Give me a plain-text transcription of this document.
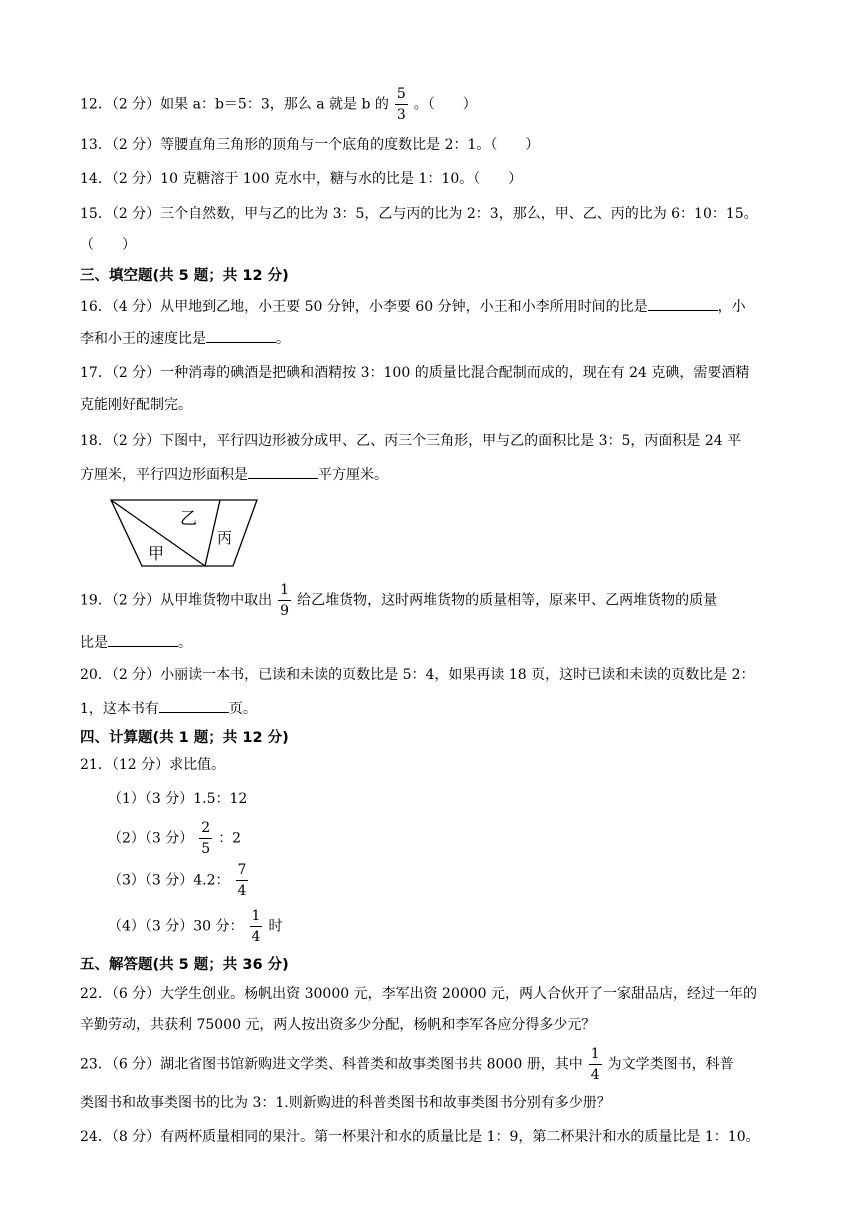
12．（2 分）如果 a：b＝5：3，那么 a 就是 b 的 $\frac{5}{3}$ 。（　　）
13．（2 分）等腰直角三角形的顶角与一个底角的度数比是 2：1。（　　）
14．（2 分）10 克糖溶于 100 克水中，糖与水的比是 1：10。（　　）
15．（2 分）三个自然数，甲与乙的比为 3：5，乙与丙的比为 2：3，那么，甲、乙、丙的比为 6：10：15。
（　　）
三、填空题(共 5 题；共 12 分)
16．（4 分）从甲地到乙地，小王要 50 分钟，小李要 60 分钟，小王和小李所用时间的比是	，小
李和小王的速度比是	。
17．（2 分）一种消毒的碘酒是把碘和酒精按 3：100 的质量比混合配制而成的，现在有 24 克碘，需要酒精
克能刚好配制完。
18．（2 分）下图中，平行四边形被分成甲、乙、丙三个三角形，甲与乙的面积比是 3：5，丙面积是 24 平
方厘米，平行四边形面积是	平方厘米。
乙
甲
丙
19．（2 分）从甲堆货物中取出 $\frac{1}{9}$ 给乙堆货物，这时两堆货物的质量相等，原来甲、乙两堆货物的质量
比是	。
20．（2 分）小丽读一本书，已读和未读的页数比是 5：4，如果再读 18 页，这时已读和未读的页数比是 2：
1，这本书有	页。
四、计算题(共 1 题；共 12 分)
21．（12 分）求比值。
（1）（3 分）1.5：12
（2）（3 分） $\frac{2}{5}$ ：2
（3）（3 分）4.2： $\frac{7}{4}$
（4）（3 分）30 分： $\frac{1}{4}$ 时
五、解答题(共 5 题；共 36 分)
22．（6 分）大学生创业。杨帆出资 30000 元，李军出资 20000 元，两人合伙开了一家甜品店，经过一年的
辛勤劳动，共获利 75000 元，两人按出资多少分配，杨帆和李军各应分得多少元？
23．（6 分）湖北省图书馆新购进文学类、科普类和故事类图书共 8000 册，其中 $\frac{1}{4}$ 为文学类图书，科普
类图书和故事类图书的比为 3：1.则新购进的科普类图书和故事类图书分别有多少册？
24．（8 分）有两杯质量相同的果汁。第一杯果汁和水的质量比是 1：9，第二杯果汁和水的质量比是 1：10。
